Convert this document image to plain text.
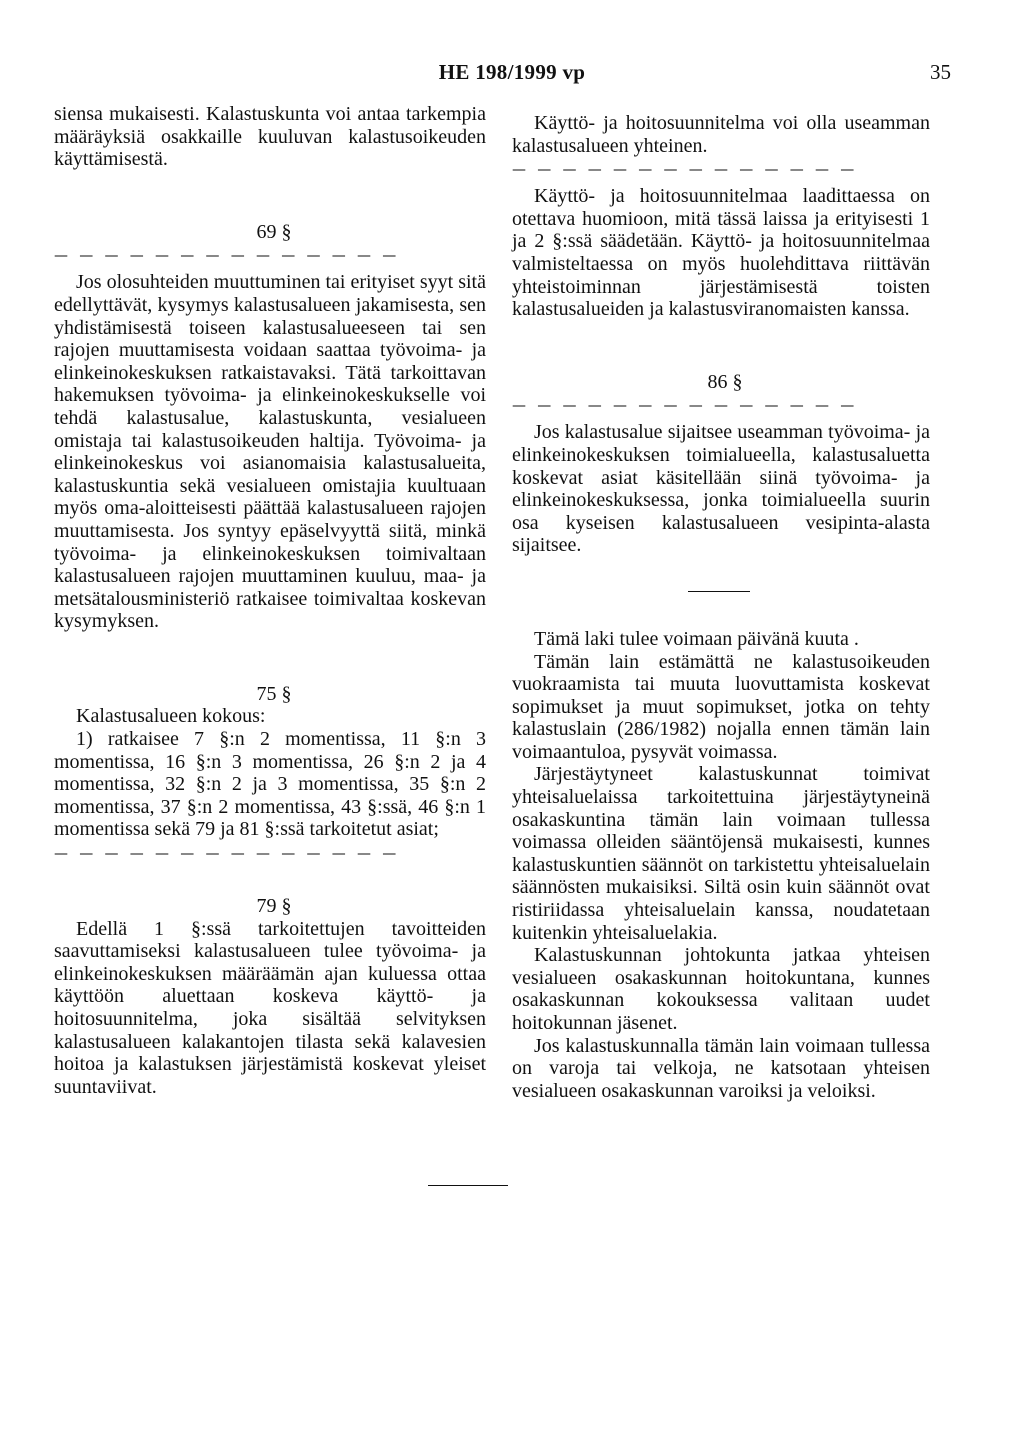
HE 198/1999 vp	35

siensa mukaisesti. Kalastuskunta voi antaa tarkempia määräyksiä osakkaille kuuluvan kalastusoikeuden käyttämisestä.

69 §
— — — — — — — — — — — — — —

Jos olosuhteiden muuttuminen tai erityiset syyt sitä edellyttävät, kysymys kalastusalueen jakamisesta, sen yhdistämisestä toiseen kalastusalueeseen tai sen rajojen muuttamisesta voidaan saattaa työvoima- ja elinkeinokeskuksen ratkaistavaksi. Tätä tarkoittavan hakemuksen työvoima- ja elinkeinokeskukselle voi tehdä kalastusalue, kalastuskunta, vesialueen omistaja tai kalastusoikeuden haltija. Työvoima- ja elinkeinokeskus voi asianomaisia kalastusalueita, kalastuskuntia sekä vesialueen omistajia kuultuaan myös oma-aloitteisesti päättää kalastusalueen rajojen muuttamisesta. Jos syntyy epäselvyyttä siitä, minkä työvoima- ja elinkeinokeskuksen toimivaltaan kalastusalueen rajojen muuttaminen kuuluu, maa- ja metsätalousministeriö ratkaisee toimivaltaa koskevan kysymyksen.

75 §

Kalastusalueen kokous:

1) ratkaisee 7 §:n 2 momentissa, 11 §:n 3 momentissa, 16 §:n 3 momentissa, 26 §:n 2 ja 4 momentissa, 32 §:n 2 ja 3 momentissa, 35 §:n 2 momentissa, 37 §:n 2 momentissa, 43 §:ssä, 46 §:n 1 momentissa sekä 79 ja 81 §:ssä tarkoitetut asiat;

— — — — — — — — — — — — — —
79 §

Edellä 1 §:ssä tarkoitettujen tavoitteiden saavuttamiseksi kalastusalueen tulee työvoima- ja elinkeinokeskuksen määräämän ajan kuluessa ottaa käyttöön aluettaan koskeva käyttö- ja hoitosuunnitelma, joka sisältää selvityksen kalastusalueen kalakantojen tilasta sekä kalavesien hoitoa ja kalastuksen järjestämistä koskevat yleiset suuntaviivat.

Käyttö- ja hoitosuunnitelma voi olla useamman kalastusalueen yhteinen.

— — — — — — — — — — — — — —

Käyttö- ja hoitosuunnitelmaa laadittaessa on otettava huomioon, mitä tässä laissa ja erityisesti 1 ja 2 §:ssä säädetään. Käyttö- ja hoitosuunnitelmaa valmisteltaessa on myös huolehdittava riittävän yhteistoiminnan järjestämisestä toisten kalastusalueiden ja kalastusviranomaisten kanssa.

86 §
— — — — — — — — — — — — — —

Jos kalastusalue sijaitsee useamman työvoima- ja elinkeinokeskuksen toimialueella, kalastusaluetta koskevat asiat käsitellään siinä työvoima- ja elinkeinokeskuksessa, jonka toimialueella suurin osa kyseisen kalastusalueen vesipinta-alasta sijaitsee.

Tämä laki tulee voimaan päivänä kuuta .

Tämän lain estämättä ne kalastusoikeuden vuokraamista tai muuta luovuttamista koskevat sopimukset ja muut sopimukset, jotka on tehty kalastuslain (286/1982) nojalla ennen tämän lain voimaantuloa, pysyvät voimassa.

Järjestäytyneet kalastuskunnat toimivat yhteisaluelaissa tarkoitettuina järjestäytyneinä osakaskuntina tämän lain voimaan tullessa voimassa olleiden sääntöjensä mukaisesti, kunnes kalastuskuntien säännöt on tarkistettu yhteisaluelain säännösten mukaisiksi. Siltä osin kuin säännöt ovat ristiriidassa yhteisaluelain kanssa, noudatetaan kuitenkin yhteisaluelakia.

Kalastuskunnan johtokunta jatkaa yhteisen vesialueen osakaskunnan hoitokuntana, kunnes osakaskunnan kokouksessa valitaan uudet hoitokunnan jäsenet.

Jos kalastuskunnalla tämän lain voimaan tullessa on varoja tai velkoja, ne katsotaan yhteisen vesialueen osakaskunnan varoiksi ja veloiksi.
